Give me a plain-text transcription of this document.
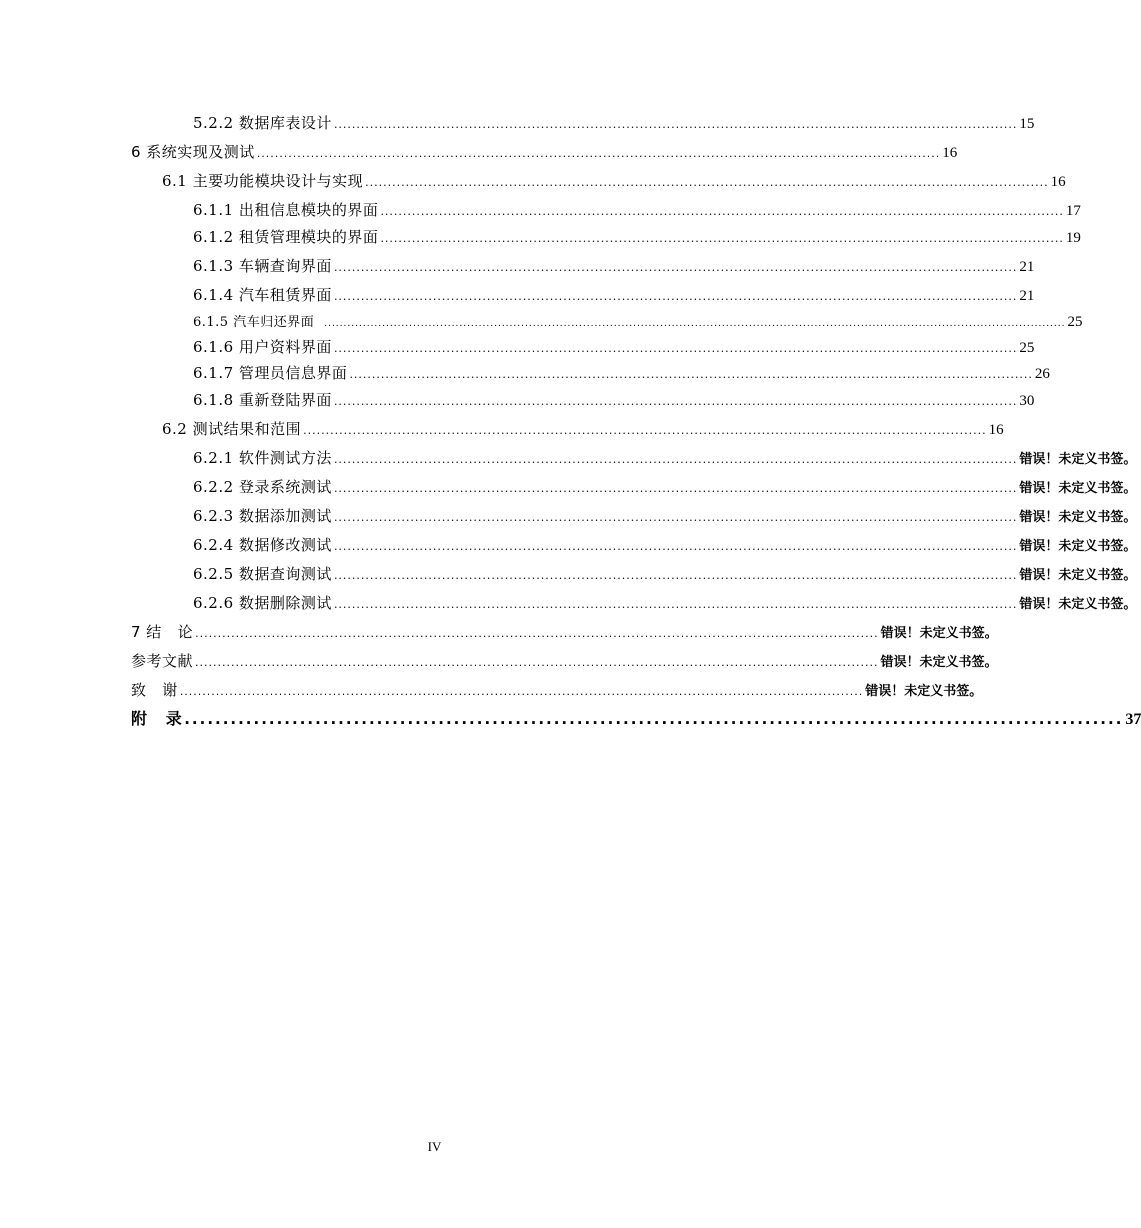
5.2.2 数据库表设计 ........................................................................................................................................................ 15
6 系统实现及测试 ........................................................................................................................................................ 16
6.1 主要功能模块设计与实现 ........................................................................................................................................................ 16
6.1.1 出租信息模块的界面 ........................................................................................................................................................ 17
6.1.2 租赁管理模块的界面 ........................................................................................................................................................ 19
6.1.3 车辆查询界面 ........................................................................................................................................................ 21
6.1.4 汽车租赁界面 ........................................................................................................................................................ 21
6.1.5 汽车归还界面 ................................................................................................................................................................................................ 25
6.1.6 用户资料界面 ........................................................................................................................................................ 25
6.1.7 管理员信息界面 ........................................................................................................................................................ 26
6.1.8 重新登陆界面 ........................................................................................................................................................ 30
6.2 测试结果和范围 ........................................................................................................................................................ 16
6.2.1 软件测试方法 ........................................................................................................................................................ 错误！未定义书签。
6.2.2 登录系统测试 ........................................................................................................................................................ 错误！未定义书签。
6.2.3 数据添加测试 ........................................................................................................................................................ 错误！未定义书签。
6.2.4 数据修改测试 ........................................................................................................................................................ 错误！未定义书签。
6.2.5 数据查询测试 ........................................................................................................................................................ 错误！未定义书签。
6.2.6 数据删除测试 ........................................................................................................................................................ 错误！未定义书签。
7 结   论 ........................................................................................................................................................ 错误！未定义书签。
参考文献 ........................................................................................................................................................ 错误！未定义书签。
致   谢 ........................................................................................................................................................ 错误！未定义书签。
附   录 .......................................................................................................................... 37
IV
